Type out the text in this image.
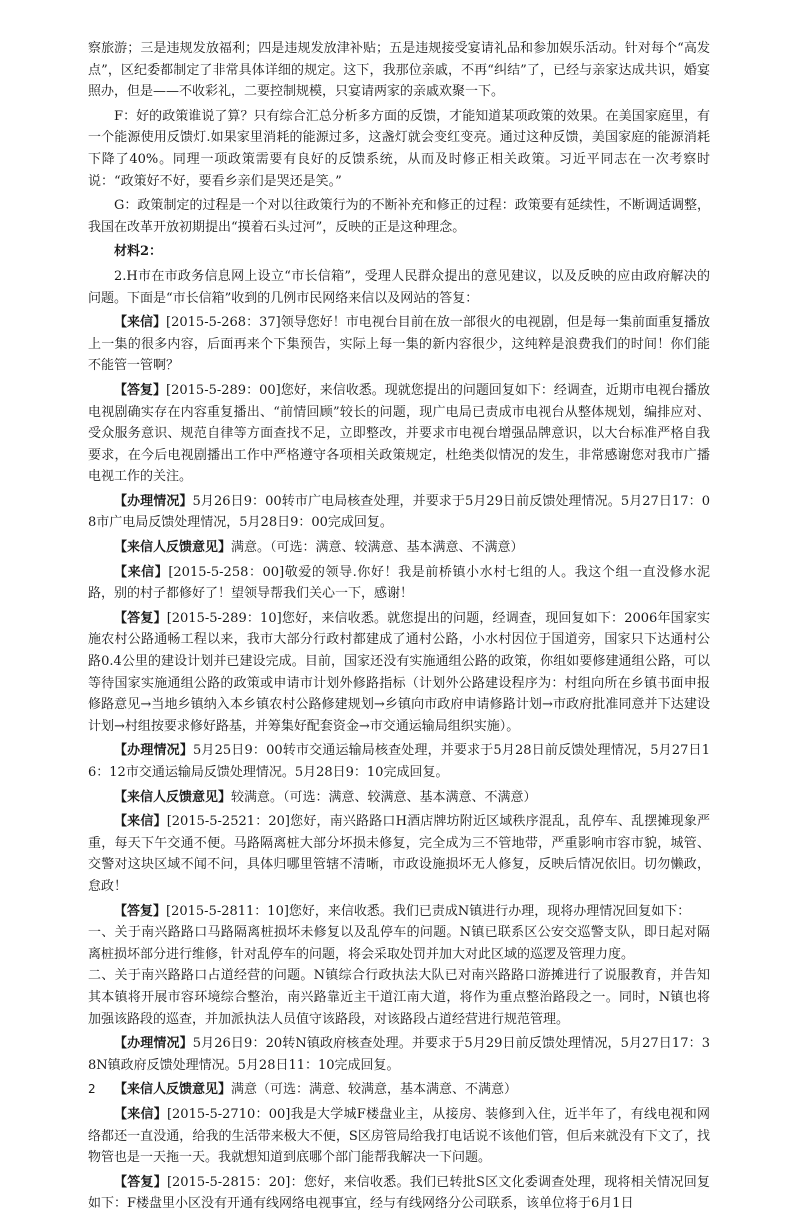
察旅游；三是违规发放福利；四是违规发放津补贴；五是违规接受宴请礼品和参加娱乐活动。针对每个“高发点”，区纪委都制定了非常具体详细的规定。这下，我那位亲戚，不再“纠结”了，已经与亲家达成共识，婚宴照办，但是——不收彩礼，二要控制规模，只宴请两家的亲戚欢聚一下。

F：好的政策谁说了算？只有综合汇总分析多方面的反馈，才能知道某项政策的效果。在美国家庭里，有一个能源使用反馈灯.如果家里消耗的能源过多，这盏灯就会变红变亮。通过这种反馈，美国家庭的能源消耗下降了40%。同理一项政策需要有良好的反馈系统，从而及时修正相关政策。习近平同志在一次考察时说：“政策好不好，要看乡亲们是哭还是笑。”

G：政策制定的过程是一个对以往政策行为的不断补充和修正的过程：政策要有延续性，不断调适调整，我国在改革开放初期提出“摸着石头过河”，反映的正是这种理念。

材料2：

2.H市在市政务信息网上设立“市长信箱”，受理人民群众提出的意见建议，以及反映的应由政府解决的问题。下面是“市长信箱”收到的几例市民网络来信以及网站的答复：

【来信】[2015-5-268：37]领导您好！市电视台目前在放一部很火的电视剧，但是每一集前面重复播放上一集的很多内容，后面再来个下集预告，实际上每一集的新内容很少，这纯粹是浪费我们的时间！你们能不能管一管啊？

【答复】[2015-5-289：00]您好，来信收悉。现就您提出的问题回复如下：经调查，近期市电视台播放电视剧确实存在内容重复播出、“前情回顾”较长的问题，现广电局已责成市电视台从整体规划，编排应对、受众服务意识、规范自律等方面查找不足，立即整改，并要求市电视台增强品牌意识，以大台标准严格自我要求，在今后电视剧播出工作中严格遵守各项相关政策规定，杜绝类似情况的发生，非常感谢您对我市广播电视工作的关注。

【办理情况】5月26日9：00转市广电局核查处理，并要求于5月29日前反馈处理情况。5月27日17：08市广电局反馈处理情况，5月28日9：00完成回复。

【来信人反馈意见】满意。（可选：满意、较满意、基本满意、不满意）

【来信】[2015-5-258：00]敬爱的领导.你好！我是前桥镇小水村七组的人。我这个组一直没修水泥路，别的村子都修好了！望领导帮我们关心一下，感谢！

【答复】[2015-5-289：10]您好，来信收悉。就您提出的问题，经调查，现回复如下：2006年国家实施农村公路通畅工程以来，我市大部分行政村都建成了通村公路，小水村因位于国道旁，国家只下达通村公路0.4公里的建设计划并已建设完成。目前，国家还没有实施通组公路的政策，你组如要修建通组公路，可以等待国家实施通组公路的政策或申请市计划外修路指标（计划外公路建设程序为：村组向所在乡镇书面申报修路意见→当地乡镇纳入本乡镇农村公路修建规划→乡镇向市政府申请修路计划→市政府批准同意并下达建设计划→村组按要求修好路基，并筹集好配套资金→市交通运输局组织实施）。

【办理情况】5月25日9：00转市交通运输局核查处理，并要求于5月28日前反馈处理情况，5月27日16：12市交通运输局反馈处理情况。5月28日9：10完成回复。

【来信人反馈意见】较满意。（可选：满意、较满意、基本满意、不满意）

【来信】[2015-5-2521：20]您好，南兴路路口H酒店牌坊附近区域秩序混乱，乱停车、乱摆摊现象严重，每天下午交通不便。马路隔离桩大部分坏损未修复，完全成为三不管地带，严重影响市容市貌，城管、交警对这块区域不闻不问，具体归哪里管辖不清晰，市政设施损坏无人修复，反映后情况依旧。切勿懒政，怠政！

【答复】[2015-5-2811：10]您好，来信收悉。我们已责成N镇进行办理，现将办理情况回复如下：

一、关于南兴路路口马路隔离桩损坏未修复以及乱停车的问题。N镇已联系区公安交巡警支队，即日起对隔离桩损坏部分进行维修，针对乱停车的问题，将会采取处罚并加大对此区域的巡逻及管理力度。

二、关于南兴路路口占道经营的问题。N镇综合行政执法大队已对南兴路路口游摊进行了说服教育，并告知其本镇将开展市容环境综合整治，南兴路靠近主干道江南大道，将作为重点整治路段之一。同时，N镇也将加强该路段的巡查，并加派执法人员值守该路段，对该路段占道经营进行规范管理。

【办理情况】5月26日9：20转N镇政府核查处理。并要求于5月29日前反馈处理情况，5月27日17：38N镇政府反馈处理情况。5月28日11：10完成回复。

【来信人反馈意见】满意（可选：满意、较满意，基本满意、不满意）

【来信】[2015-5-2710：00]我是大学城F楼盘业主，从接房、装修到入住，近半年了，有线电视和网络都还一直没通，给我的生活带来极大不便，S区房管局给我打电话说不该他们管，但后来就没有下文了，找物管也是一天拖一天。我就想知道到底哪个部门能帮我解决一下问题。

【答复】[2015-5-2815：20]：您好，来信收悉。我们已转批S区文化委调查处理，现将相关情况回复如下：F楼盘里小区没有开通有线网络电视事宜，经与有线网络分公司联系，该单位将于6月1日

2
